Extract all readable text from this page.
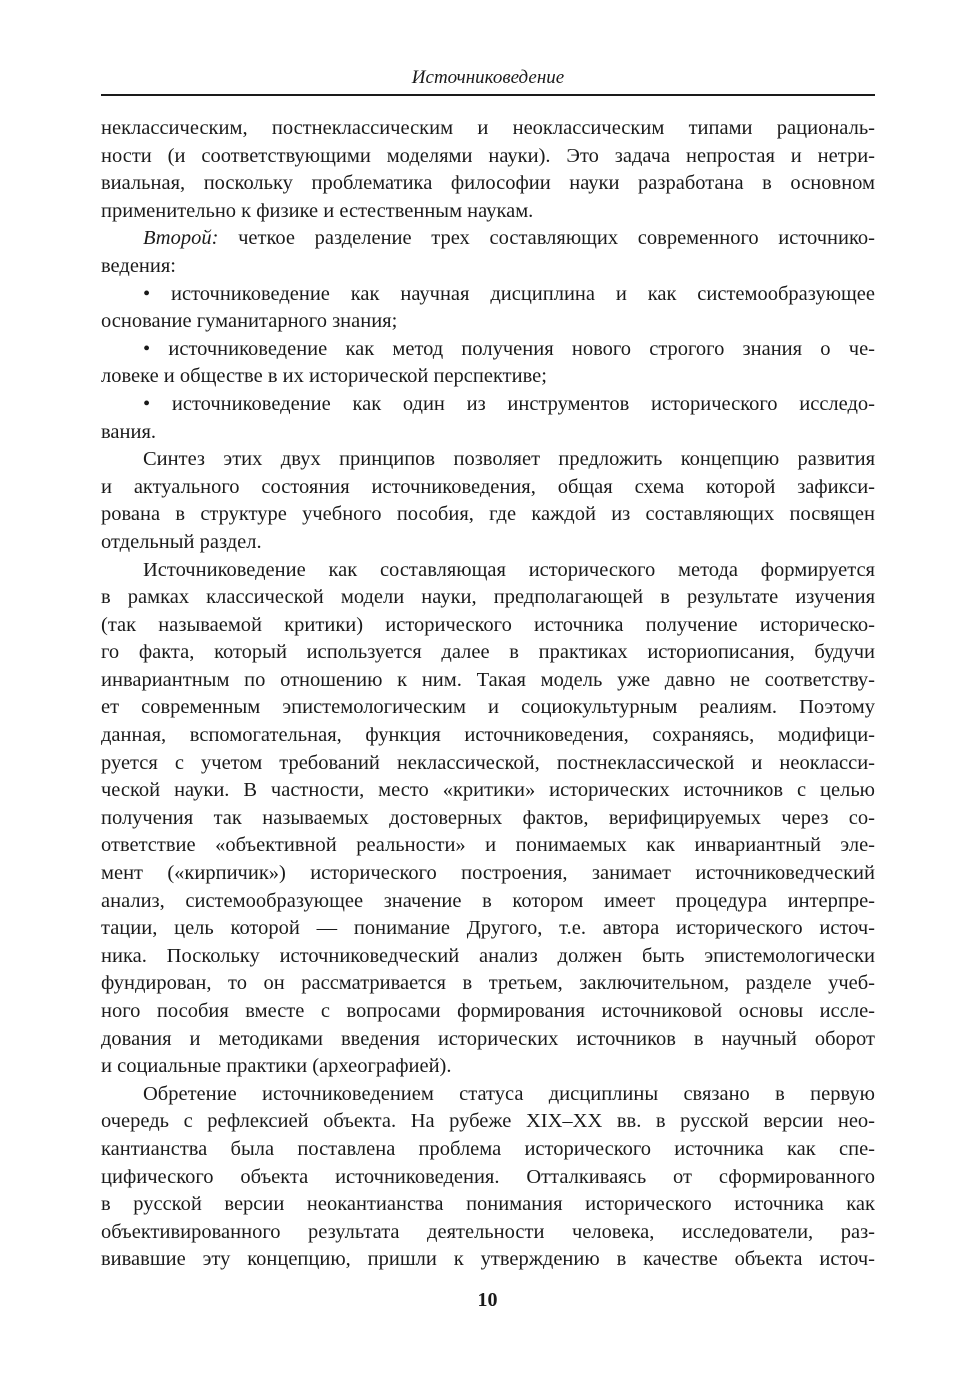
Источниковедение
неклассическим, постнеклассическим и неоклассическим типами рациональ-
ности (и соответствующими моделями науки). Это задача непростая и нетри-
виальная, поскольку проблематика философии науки разработана в основном
применительно к физике и естественным наукам.
Второй: четкое разделение трех составляющих современного источнико-
ведения:
• источниковедение как научная дисциплина и как системообразующее
основание гуманитарного знания;
• источниковедение как метод получения нового строгого знания о че-
ловеке и обществе в их исторической перспективе;
• источниковедение как один из инструментов исторического исследо-
вания.
Синтез этих двух принципов позволяет предложить концепцию развития
и актуального состояния источниковедения, общая схема которой зафикси-
рована в структуре учебного пособия, где каждой из составляющих посвящен
отдельный раздел.
Источниковедение как составляющая исторического метода формируется
в рамках классической модели науки, предполагающей в результате изучения
(так называемой критики) исторического источника получение историческо-
го факта, который используется далее в практиках историописания, будучи
инвариантным по отношению к ним. Такая модель уже давно не соответству-
ет современным эпистемологическим и социокультурным реалиям. Поэтому
данная, вспомогательная, функция источниковедения, сохраняясь, модифици-
руется с учетом требований неклассической, постнеклассической и неокласси-
ческой науки. В частности, место «критики» исторических источников с целью
получения так называемых достоверных фактов, верифицируемых через со-
ответствие «объективной реальности» и понимаемых как инвариантный эле-
мент («кирпичик») исторического построения, занимает источниковедческий
анализ, системообразующее значение в котором имеет процедура интерпре-
тации, цель которой — понимание Другого, т.е. автора исторического источ-
ника. Поскольку источниковедческий анализ должен быть эпистемологически
фундирован, то он рассматривается в третьем, заключительном, разделе учеб-
ного пособия вместе с вопросами формирования источниковой основы иссле-
дования и методиками введения исторических источников в научный оборот
и социальные практики (археографией).
Обретение источниковедением статуса дисциплины связано в первую
очередь с рефлексией объекта. На рубеже XIX–XX вв. в русской версии нео-
кантианства была поставлена проблема исторического источника как спе-
цифического объекта источниковедения. Отталкиваясь от сформированного
в русской версии неокантианства понимания исторического источника как
объективированного результата деятельности человека, исследователи, раз-
вивавшие эту концепцию, пришли к утверждению в качестве объекта источ-
10
